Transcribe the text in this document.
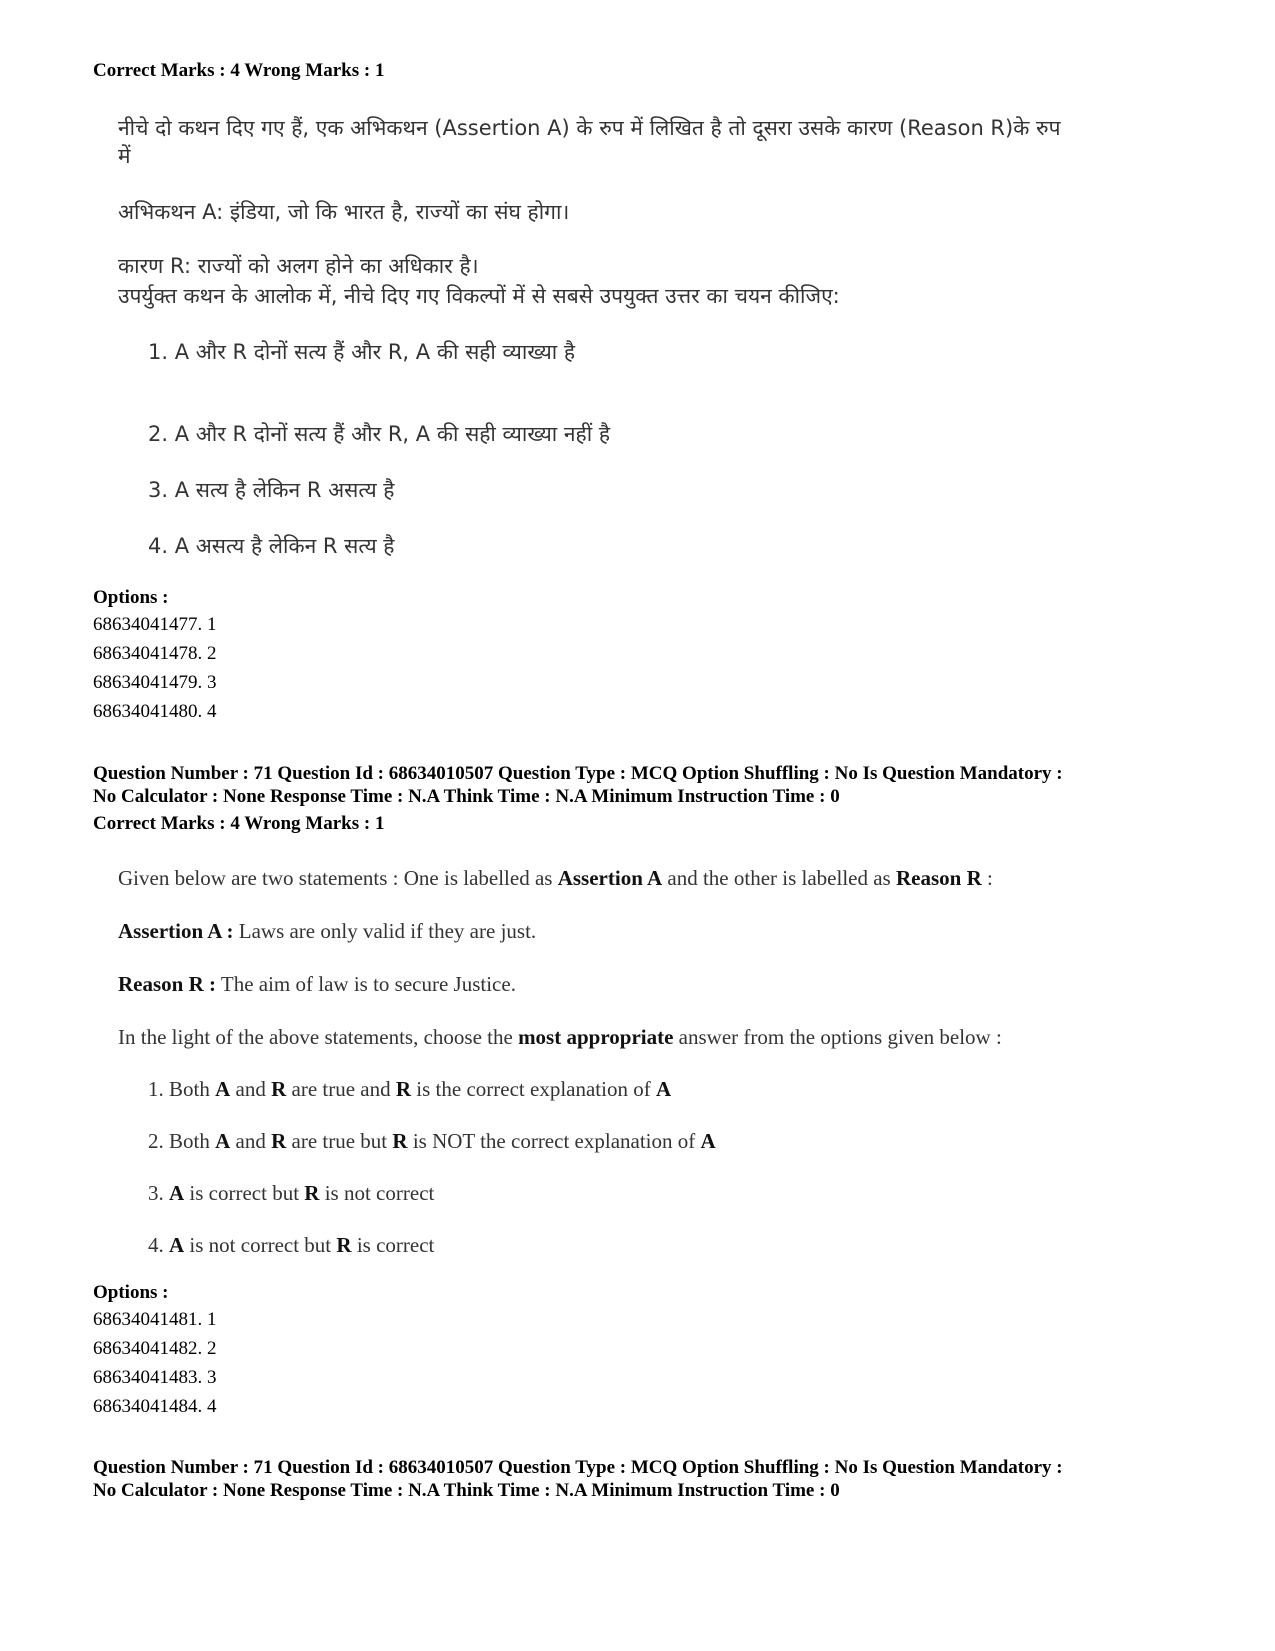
Correct Marks : 4 Wrong Marks : 1

नीचे दो कथन दिए गए हैं, एक अभिकथन (Assertion A) के रुप में लिखित है तो दूसरा उसके कारण (Reason R)के रुप

में

अभिकथन A: इंडिया, जो कि भारत है, राज्यों का संघ होगा।

कारण R: राज्यों को अलग होने का अधिकार है।

उपर्युक्त कथन के आलोक में, नीचे दिए गए विकल्पों में से सबसे उपयुक्त उत्तर का चयन कीजिए:

1. A और R दोनों सत्य हैं और R, A की सही व्याख्या है

2. A और R दोनों सत्य हैं और R, A की सही व्याख्या नहीं है

3. A सत्य है लेकिन R असत्य है

4. A असत्य है लेकिन R सत्य है

Options :
68634041477. 1
68634041478. 2
68634041479. 3
68634041480. 4
Question Number : 71 Question Id : 68634010507 Question Type : MCQ Option Shuffling : No Is Question Mandatory :
No Calculator : None Response Time : N.A Think Time : N.A Minimum Instruction Time : 0
Correct Marks : 4 Wrong Marks : 1

Given below are two statements : One is labelled as Assertion A and the other is labelled as Reason R :

Assertion A : Laws are only valid if they are just.

Reason R : The aim of law is to secure Justice.

In the light of the above statements, choose the most appropriate answer from the options given below :

1. Both A and R are true and R is the correct explanation of A

2. Both A and R are true but R is NOT the correct explanation of A

3. A is correct but R is not correct

4. A is not correct but R is correct

Options :
68634041481. 1
68634041482. 2
68634041483. 3
68634041484. 4
Question Number : 71 Question Id : 68634010507 Question Type : MCQ Option Shuffling : No Is Question Mandatory :
No Calculator : None Response Time : N.A Think Time : N.A Minimum Instruction Time : 0
